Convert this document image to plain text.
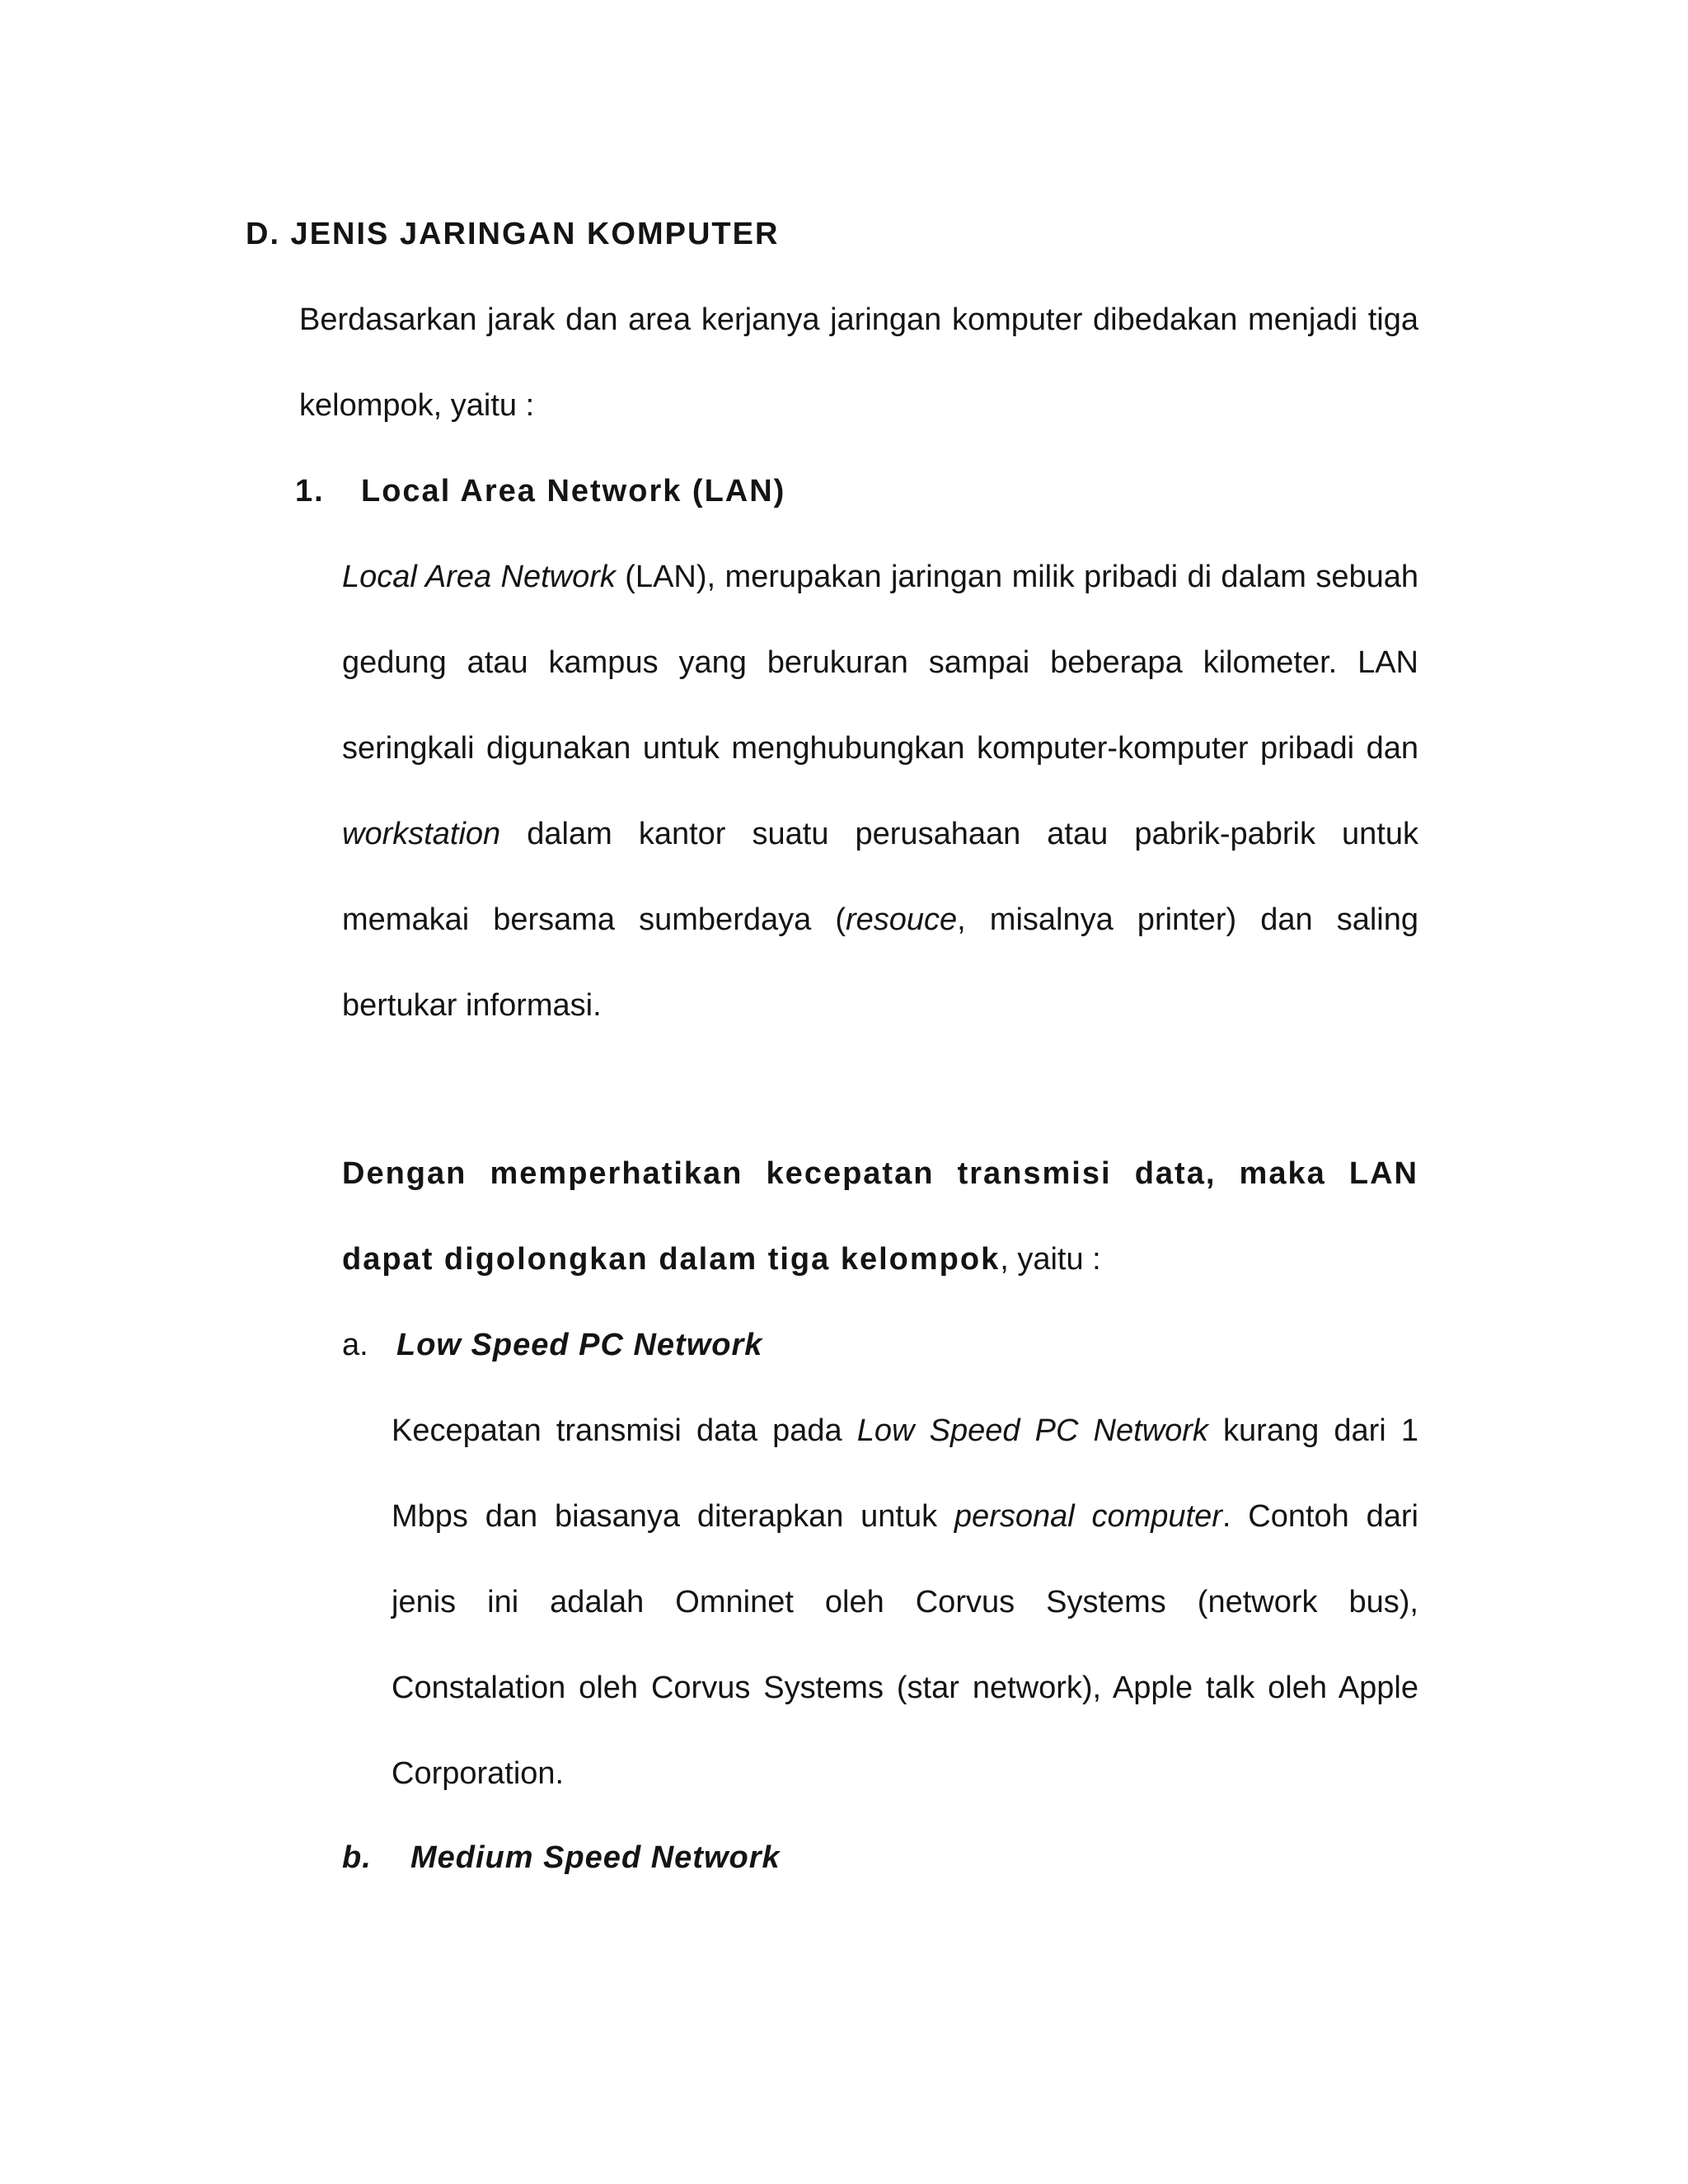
D. JENIS JARINGAN KOMPUTER

Berdasarkan jarak dan area kerjanya jaringan komputer dibedakan menjadi tiga kelompok, yaitu :

1. Local Area Network (LAN)

Local Area Network (LAN), merupakan jaringan milik pribadi di dalam sebuah gedung atau kampus yang berukuran sampai beberapa kilometer. LAN seringkali digunakan untuk menghubungkan komputer-komputer pribadi dan workstation dalam kantor suatu perusahaan atau pabrik-pabrik untuk memakai bersama sumberdaya (resouce, misalnya printer) dan saling bertukar informasi.

Dengan memperhatikan kecepatan transmisi data, maka LAN dapat digolongkan dalam tiga kelompok, yaitu :

a. Low Speed PC Network

Kecepatan transmisi data pada Low Speed PC Network kurang dari 1 Mbps dan biasanya diterapkan untuk personal computer. Contoh dari jenis ini adalah Omninet oleh Corvus Systems (network bus), Constalation oleh Corvus Systems (star network), Apple talk oleh Apple Corporation.

b. Medium Speed Network
